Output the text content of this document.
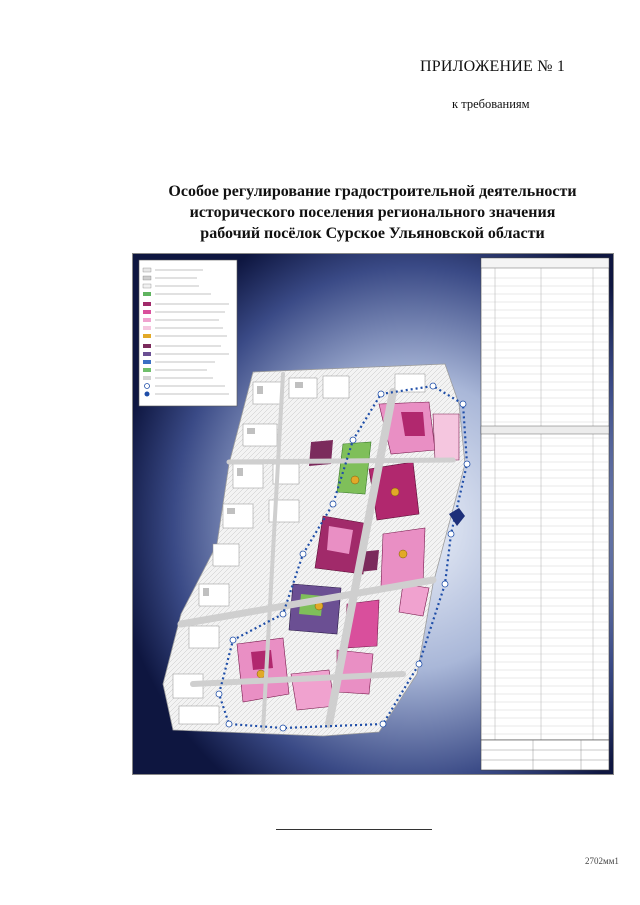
ПРИЛОЖЕНИЕ № 1
к требованиям
Особое регулирование градостроительной деятельности
исторического поселения регионального значения
рабочий посёлок Сурское Ульяновской области
2702мм1
